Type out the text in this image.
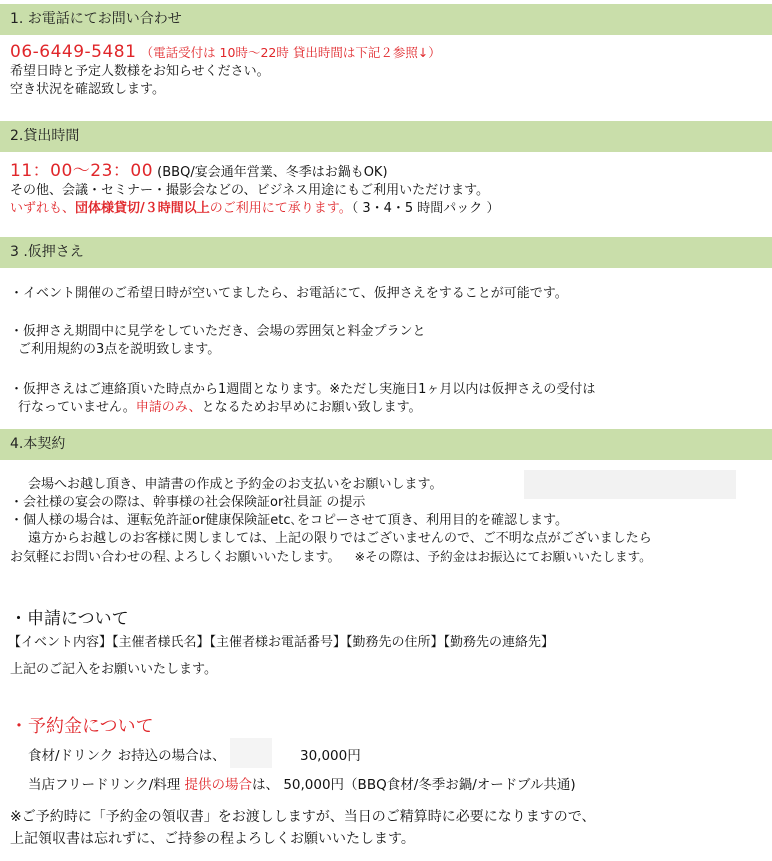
1. お電話にてお問い合わせ
06-6449-5481 （電話受付は 10時～22時 貸出時間は下記２参照↓）
希望日時と予定人数様をお知らせください。
空き状況を確認致します。
2.貸出時間
11：00～23：00 (BBQ/宴会通年営業、冬季はお鍋もOK)
その他、会議・セミナー・撮影会などの、ビジネス用途にもご利用いただけます。
いずれも、団体様貸切/３時間以上のご利用にて承ります。（ 3・4・5 時間パック ）
3 .仮押さえ
・イベント開催のご希望日時が空いてましたら、お電話にて、仮押さえをすることが可能です。
・仮押さえ期間中に見学をしていただき、会場の雰囲気と料金プランと
ご利用規約の3点を説明致します。
・仮押さえはご連絡頂いた時点から1週間となります。※ただし実施日1ヶ月以内は仮押さえの受付は
行なっていません。申請のみ、となるためお早めにお願い致します。
4.本契約
会場へお越し頂き、申請書の作成と予約金のお支払いをお願いします。
・会社様の宴会の際は、幹事様の社会保険証or社員証 の提示
・個人様の場合は、運転免許証or健康保険証etc､をコピーさせて頂き、利用目的を確認します。
遠方からお越しのお客様に関しましては、上記の限りではございませんので、ご不明な点がございましたら
お気軽にお問い合わせの程､よろしくお願いいたします。 ※その際は、予約金はお振込にてお願いいたします。
・申請について
【イベント内容】【主催者様氏名】【主催者様お電話番号】【勤務先の住所】【勤務先の連絡先】
上記のご記入をお願いいたします。
・予約金について
食材/ドリンク お持込の場合は、	30,000円
当店フリードリンク/料理 提供の場合は、 50,000円（BBQ食材/冬季お鍋/オードブル共通)
※ご予約時に「予約金の領収書」をお渡ししますが、当日のご精算時に必要になりますので、
上記領収書は忘れずに、ご持参の程よろしくお願いいたします。
